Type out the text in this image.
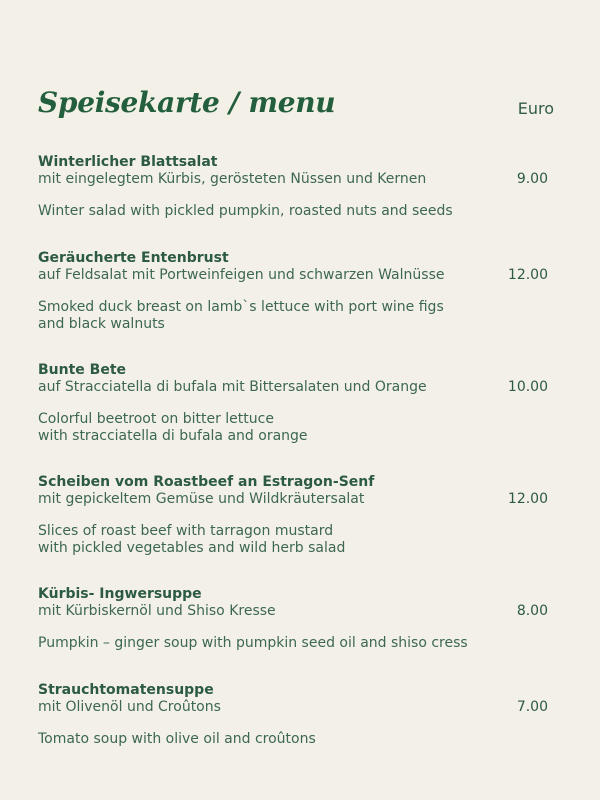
Speisekarte / menu	Euro
Winterlicher Blattsalat
mit eingelegtem Kürbis, gerösteten Nüssen und Kernen	9.00
Winter salad with pickled pumpkin, roasted nuts and seeds
Geräucherte Entenbrust
auf Feldsalat mit Portweinfeigen und schwarzen Walnüsse	12.00
Smoked duck breast on lamb`s lettuce with port wine figs
and black walnuts
Bunte Bete
auf Stracciatella di bufala mit Bittersalaten und Orange	10.00
Colorful beetroot on bitter lettuce
with stracciatella di bufala and orange
Scheiben vom Roastbeef an Estragon-Senf
mit gepickeltem Gemüse und Wildkräutersalat	12.00
Slices of roast beef with tarragon mustard
with pickled vegetables and wild herb salad
Kürbis- Ingwersuppe
mit Kürbiskernöl und Shiso Kresse	8.00
Pumpkin – ginger soup with pumpkin seed oil and shiso cress
Strauchtomatensuppe
mit Olivenöl und Croûtons	7.00
Tomato soup with olive oil and croûtons
